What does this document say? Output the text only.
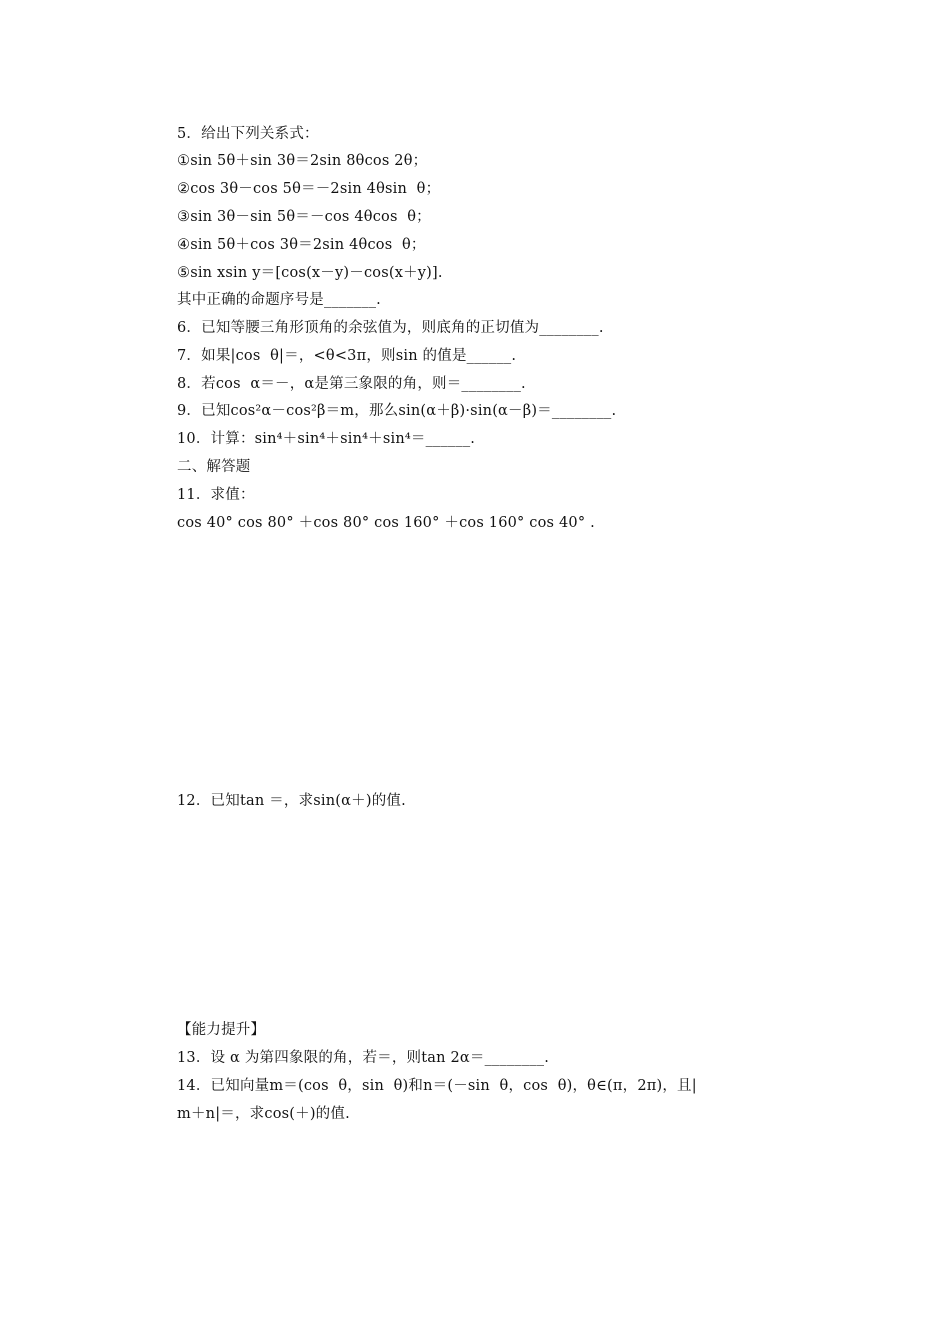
5．给出下列关系式：
①sin 5θ＋sin 3θ＝2sin 8θcos 2θ；
②cos 3θ－cos 5θ＝－2sin 4θsin  θ；
③sin 3θ－sin 5θ＝－cos 4θcos  θ；
④sin 5θ＋cos 3θ＝2sin 4θcos  θ；
⑤sin xsin y＝[cos(x－y)－cos(x＋y)].
其中正确的命题序号是_______.
6．已知等腰三角形顶角的余弦值为，则底角的正切值为________.
7．如果|cos  θ|＝，<θ<3π，则sin 的值是______.
8．若cos  α＝－，α是第三象限的角，则＝________.
9．已知cos²α－cos²β＝m，那么sin(α＋β)·sin(α－β)＝________.
10．计算：sin⁴＋sin⁴＋sin⁴＋sin⁴＝______.
二、解答题
11．求值：
cos 40° cos 80° ＋cos 80° cos 160° ＋cos 160° cos 40° .
12．已知tan ＝，求sin(α＋)的值.
【能力提升】
13．设 α 为第四象限的角，若＝，则tan 2α＝________.
14．已知向量m＝(cos  θ，sin  θ)和n＝(－sin  θ，cos  θ)，θ∈(π，2π)，且|
m＋n|＝，求cos(＋)的值.
